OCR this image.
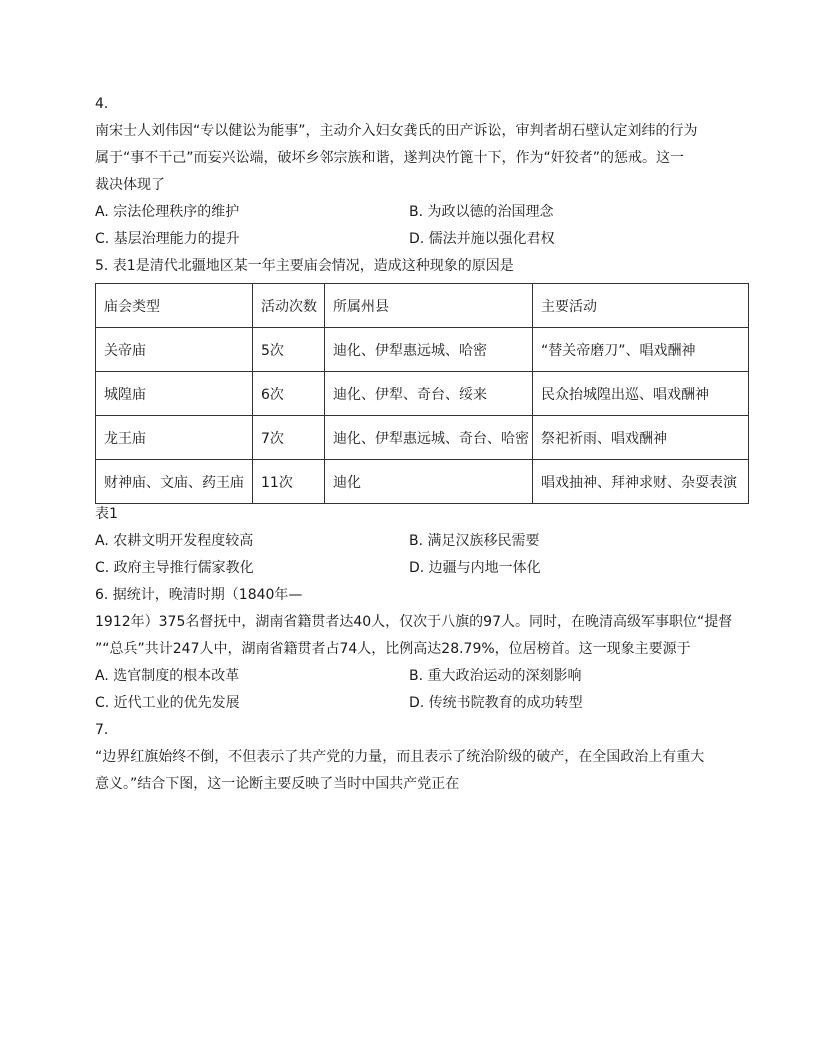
4.
南宋士人刘伟因“专以健讼为能事”，主动介入妇女龚氏的田产诉讼，审判者胡石壁认定刘纬的行为
属于“事不干己”而妄兴讼端，破坏乡邻宗族和谐，遂判决竹篦十下，作为“奸狡者”的惩戒。这一
裁决体现了
A. 宗法伦理秩序的维护	B. 为政以德的治国理念
C. 基层治理能力的提升	D. 儒法并施以强化君权
5. 表1是清代北疆地区某一年主要庙会情况，造成这种现象的原因是
庙会类型	活动次数	所属州县	主要活动
关帝庙	5次	迪化、伊犁惠远城、哈密	“替关帝磨刀”、唱戏酬神
城隍庙	6次	迪化、伊犁、奇台、绥来	民众抬城隍出巡、唱戏酬神
龙王庙	7次	迪化、伊犁惠远城、奇台、哈密	祭祀祈雨、唱戏酬神
财神庙、文庙、药王庙	11次	迪化	唱戏抽神、拜神求财、杂耍表演
表1
A. 农耕文明开发程度较高	B. 满足汉族移民需要
C. 政府主导推行儒家教化	D. 边疆与内地一体化
6. 据统计，晚清时期（1840年—
1912年）375名督抚中，湖南省籍贯者达40人，仅次于八旗的97人。同时，在晚清高级军事职位“提督
”“总兵”共计247人中，湖南省籍贯者占74人，比例高达28.79%，位居榜首。这一现象主要源于
A. 选官制度的根本改革	B. 重大政治运动的深刻影响
C. 近代工业的优先发展	D. 传统书院教育的成功转型
7.
“边界红旗始终不倒，不但表示了共产党的力量，而且表示了统治阶级的破产，在全国政治上有重大
意义。”结合下图，这一论断主要反映了当时中国共产党正在
